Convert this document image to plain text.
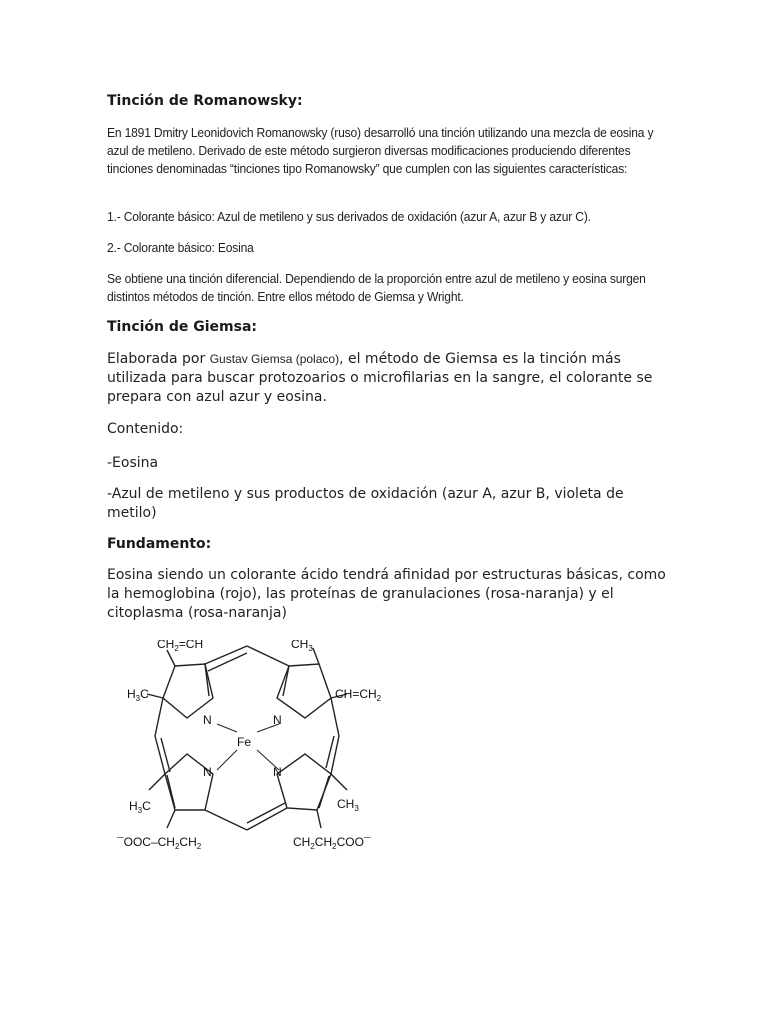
Tinción de Romanowsky:

En 1891 Dmitry Leonidovich Romanowsky (ruso) desarrolló una tinción utilizando una mezcla de eosina y azul de metileno. Derivado de este método surgieron diversas modificaciones produciendo diferentes tinciones denominadas “tinciones tipo Romanowsky” que cumplen con las siguientes características:

1.- Colorante básico: Azul de metileno y sus derivados de oxidación (azur A, azur B y azur C).

2.- Colorante básico: Eosina

Se obtiene una tinción diferencial. Dependiendo de la proporción entre azul de metileno y eosina surgen distintos métodos de tinción. Entre ellos método de Giemsa y Wright.

Tinción de Giemsa:

Elaborada por Gustav Giemsa (polaco), el método de Giemsa es la tinción más utilizada para buscar protozoarios o microfilarias en la sangre, el colorante se prepara con azul azur y eosina.

Contenido:

-Eosina

-Azul de metileno y sus productos de oxidación (azur A, azur B, violeta de metilo)

Fundamento:

Eosina siendo un colorante ácido tendrá afinidad por estructuras básicas, como la hemoglobina (rojo), las proteínas de granulaciones (rosa-naranja) y el citoplasma (rosa-naranja)

$CH_2=CH$	$CH_3$
$H_3C$	$CH=CH_2$
N	N
Fe
N	N
$H_3C$	$CH_3$
$¯OOC-CH_2CH_2$	$CH_2CH_2COO¯$
